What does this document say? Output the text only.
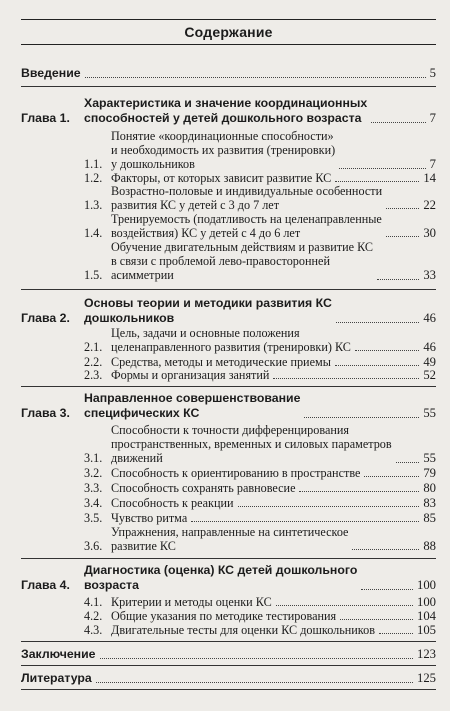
Содержание
Введение	5
Глава 1.
Характеристика и значение координационных
способностей у детей дошкольного возраста	7
1.1.
Понятие «координационные способности»
и необходимость их развития (тренировки)
у дошкольников	7
1.2. Факторы, от которых зависит развитие КС	14
1.3.
Возрастно-половые и индивидуальные особенности
развития КС у детей с 3 до 7 лет	22
1.4.
Тренируемость (податливость на целенаправленные
воздействия) КС у детей с 4 до 6 лет	30
1.5.
Обучение двигательным действиям и развитие КС
в связи с проблемой лево-правосторонней
асимметрии	33
Глава 2.
Основы теории и методики развития КС
дошкольников	46
2.1.
Цель, задачи и основные положения
целенаправленного развития (тренировки) КС	46
2.2. Средства, методы и методические приемы	49
2.3. Формы и организация занятий	52
Глава 3.
Направленное совершенствование
специфических КС	55
3.1.
Способности к точности дифференцирования
пространственных, временных и силовых параметров
движений	55
3.2. Способность к ориентированию в пространстве	79
3.3. Способность сохранять равновесие	80
3.4. Способность к реакции	83
3.5. Чувство ритма	85
3.6.
Упражнения, направленные на синтетическое
развитие КС	88
Глава 4.
Диагностика (оценка) КС детей дошкольного
возраста	100
4.1. Критерии и методы оценки КС	100
4.2. Общие указания по методике тестирования	104
4.3. Двигательные тесты для оценки КС дошкольников	105
Заключение	123
Литература	125
